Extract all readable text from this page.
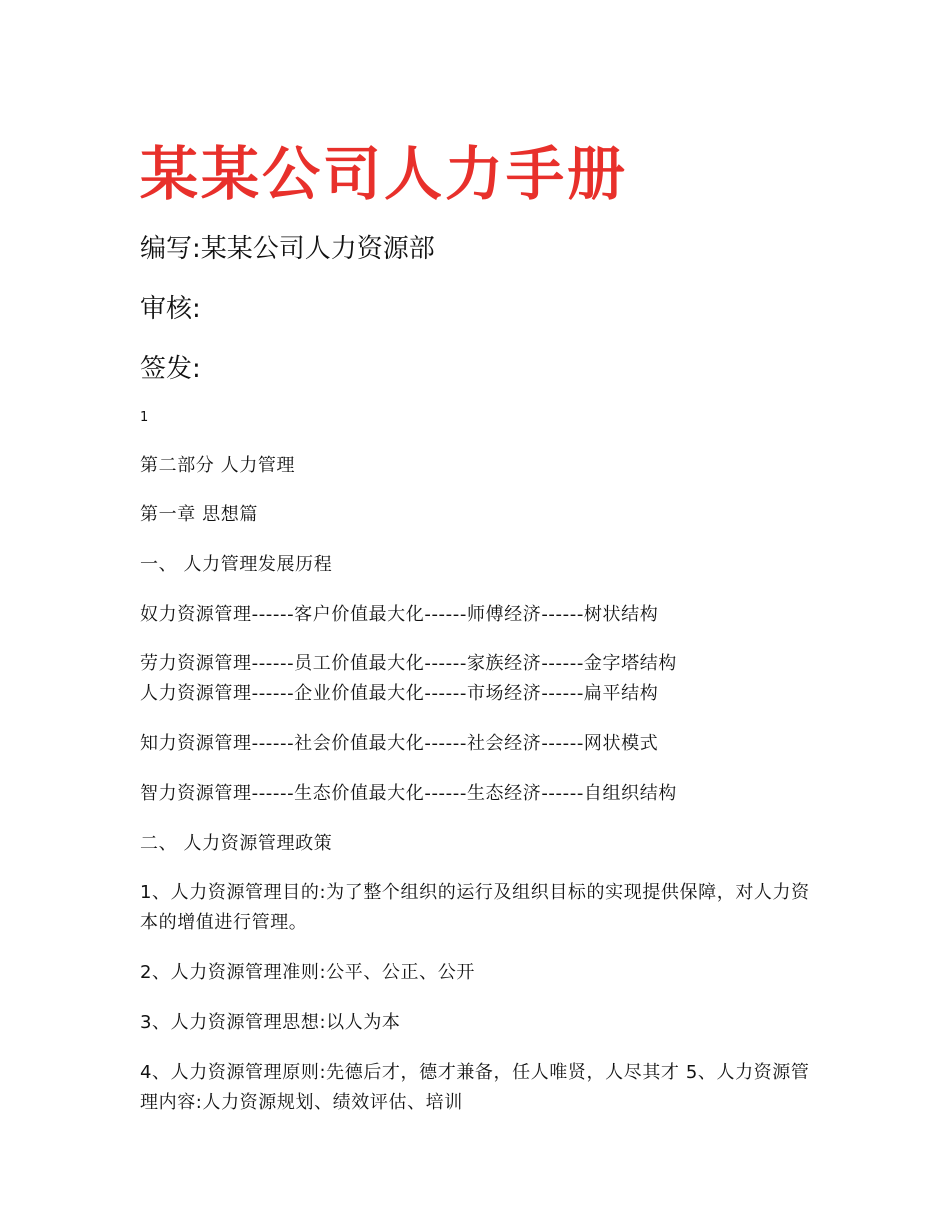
某某公司人力手册

编写:某某公司人力资源部

审核:

签发:

1

第二部分 人力管理

第一章 思想篇

一、 人力管理发展历程

奴力资源管理------客户价值最大化------师傅经济------树状结构

劳力资源管理------员工价值最大化------家族经济------金字塔结构

人力资源管理------企业价值最大化------市场经济------扁平结构

知力资源管理------社会价值最大化------社会经济------网状模式

智力资源管理------生态价值最大化------生态经济------自组织结构

二、 人力资源管理政策

1、人力资源管理目的:为了整个组织的运行及组织目标的实现提供保障，对人力资本的增值进行管理。

2、人力资源管理准则:公平、公正、公开

3、人力资源管理思想:以人为本

4、人力资源管理原则:先德后才，德才兼备，任人唯贤，人尽其才 5、人力资源管理内容:人力资源规划、绩效评估、培训
